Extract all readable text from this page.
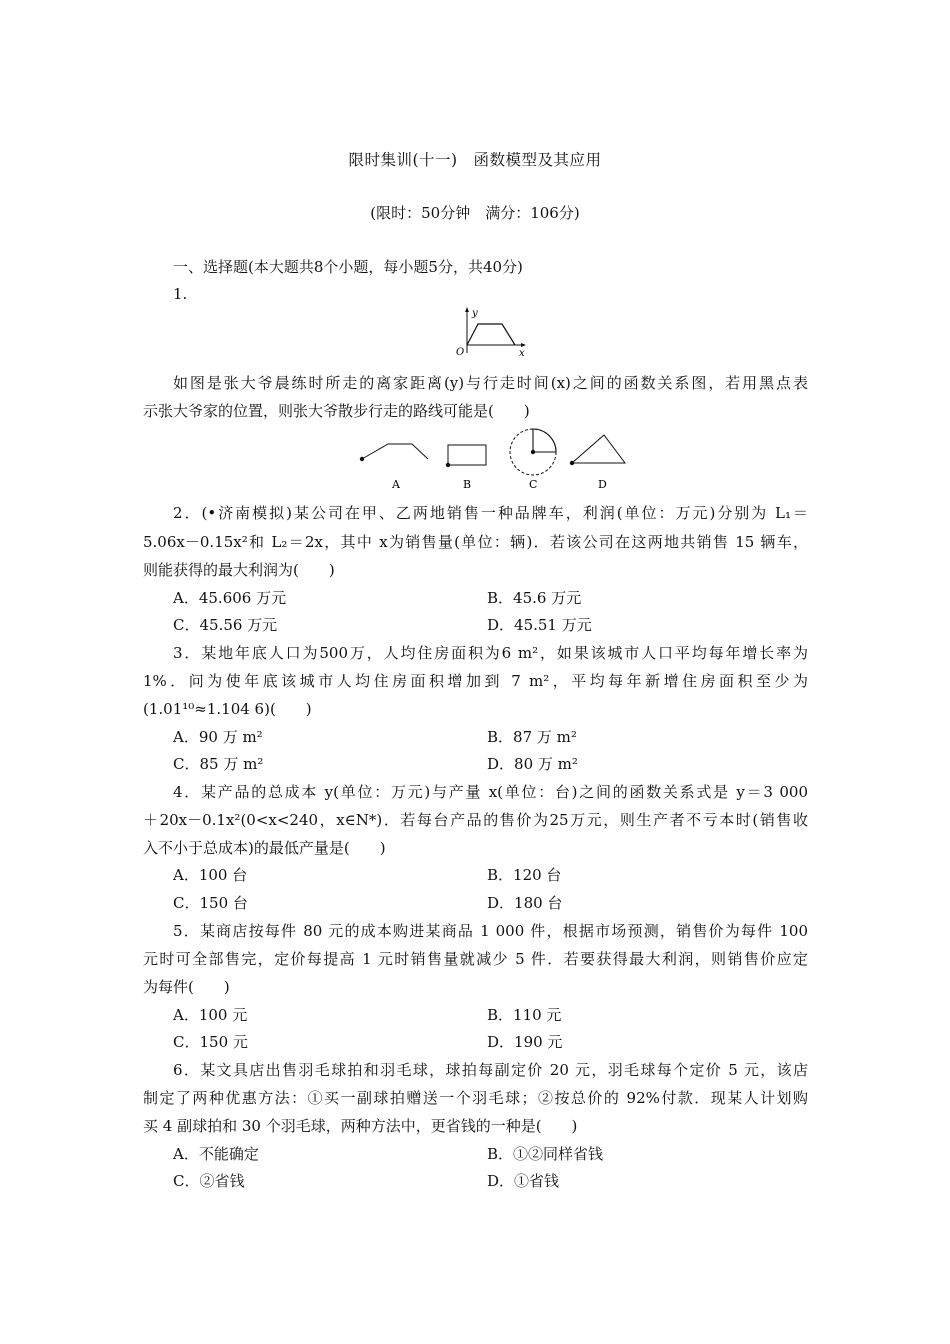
限时集训(十一)　函数模型及其应用
(限时：50分钟　满分：106分)
一、选择题(本大题共8个小题，每小题5分，共40分)
1.
y
O	x
如图是张大爷晨练时所走的离家距离(y)与行走时间(x)之间的函数关系图，若用黑点表
示张大爷家的位置，则张大爷散步行走的路线可能是(　　)
A	B	C	D
2．(•济南模拟)某公司在甲、乙两地销售一种品牌车，利润(单位：万元)分别为 L₁＝
5.06x－0.15x²和 L₂＝2x，其中 x为销售量(单位：辆)．若该公司在这两地共销售 15 辆车，
则能获得的最大利润为(　　)
A．45.606 万元	B．45.6 万元
C．45.56 万元	D．45.51 万元
3．某地年底人口为500万，人均住房面积为6 m²，如果该城市人口平均每年增长率为
1%．问为使年底该城市人均住房面积增加到 7 m²，平均每年新增住房面积至少为
(1.01¹⁰≈1.104 6)(　　)
A．90 万 m²	B．87 万 m²
C．85 万 m²	D．80 万 m²
4．某产品的总成本 y(单位：万元)与产量 x(单位：台)之间的函数关系式是 y＝3 000
＋20x－0.1x²(0<x<240，x∈N*)．若每台产品的售价为25万元，则生产者不亏本时(销售收
入不小于总成本)的最低产量是(　　)
A．100 台	B．120 台
C．150 台	D．180 台
5．某商店按每件 80 元的成本购进某商品 1 000 件，根据市场预测，销售价为每件 100
元时可全部售完，定价每提高 1 元时销售量就减少 5 件．若要获得最大利润，则销售价应定
为每件(　　)
A．100 元	B．110 元
C．150 元	D．190 元
6．某文具店出售羽毛球拍和羽毛球，球拍每副定价 20 元，羽毛球每个定价 5 元，该店
制定了两种优惠方法：①买一副球拍赠送一个羽毛球；②按总价的 92%付款．现某人计划购
买 4 副球拍和 30 个羽毛球，两种方法中，更省钱的一种是(　　)
A．不能确定	B．①②同样省钱
C．②省钱	D．①省钱
